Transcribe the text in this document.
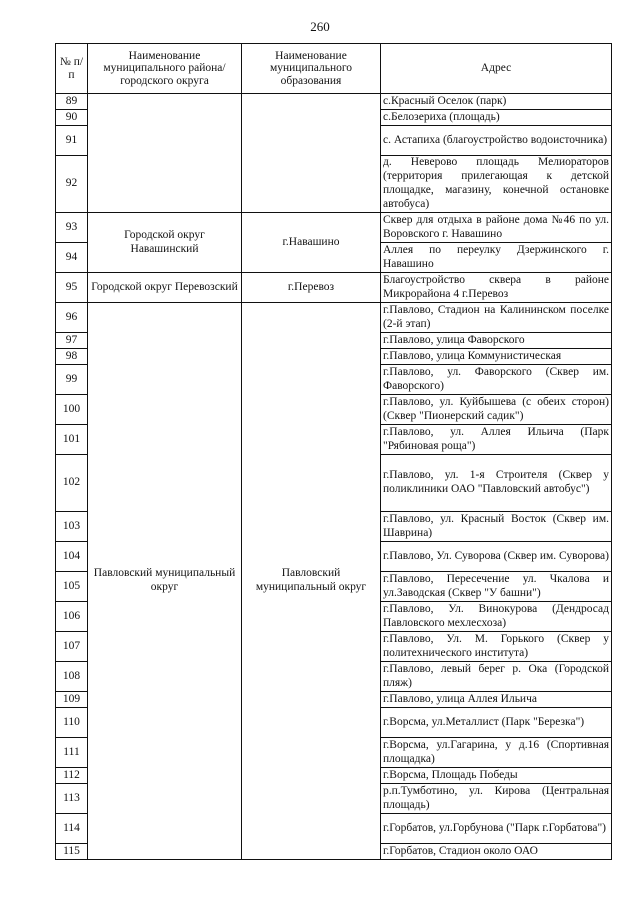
260
№ п/п	Наименование муниципального района/ городского округа	Наименование муниципального образования	Адрес
89			с.Красный Оселок (парк)
90			с.Белозериха (площадь)
91			с. Астапиха (благоустройство водоисточника)
92			д. Неверово площадь Мелиораторов (территория прилегающая к детской площадке, магазину, конечной остановке автобуса)
93	Городской округ Навашинский	г.Навашино	Сквер для отдыха в районе дома №46 по ул. Воровского г. Навашино
94			Аллея по переулку Дзержинского г. Навашино
95	Городской округ Перевозский	г.Перевоз	Благоустройство сквера в районе Микрорайона 4 г.Перевоз
96	Павловский муниципальный округ	Павловский муниципальный округ	г.Павлово, Стадион на Калининском поселке (2-й этап)
97			г.Павлово, улица Фаворского
98			г.Павлово, улица Коммунистическая
99			г.Павлово, ул. Фаворского (Сквер им. Фаворского)
100			г.Павлово, ул. Куйбышева (с обеих сторон) (Сквер "Пионерский садик")
101			г.Павлово, ул. Аллея Ильича (Парк "Рябиновая роща")
102			г.Павлово, ул. 1-я Строителя (Сквер у поликлиники ОАО "Павловский автобус")
103			г.Павлово, ул. Красный Восток (Сквер им. Шаврина)
104			г.Павлово, Ул. Суворова (Сквер им. Суворова)
105			г.Павлово, Пересечение ул. Чкалова и ул.Заводская (Сквер "У башни")
106			г.Павлово, Ул. Винокурова (Дендросад Павловского мехлесхоза)
107			г.Павлово, Ул. М. Горького (Сквер у политехнического института)
108			г.Павлово, левый берег р. Ока (Городской пляж)
109			г.Павлово, улица Аллея Ильича
110			г.Ворсма, ул.Металлист (Парк "Березка")
111			г.Ворсма, ул.Гагарина, у д.16 (Спортивная площадка)
112			г.Ворсма, Площадь Победы
113			р.п.Тумботино, ул. Кирова (Центральная площадь)
114			г.Горбатов, ул.Горбунова ("Парк г.Горбатова")
115			г.Горбатов, Стадион около ОАО
